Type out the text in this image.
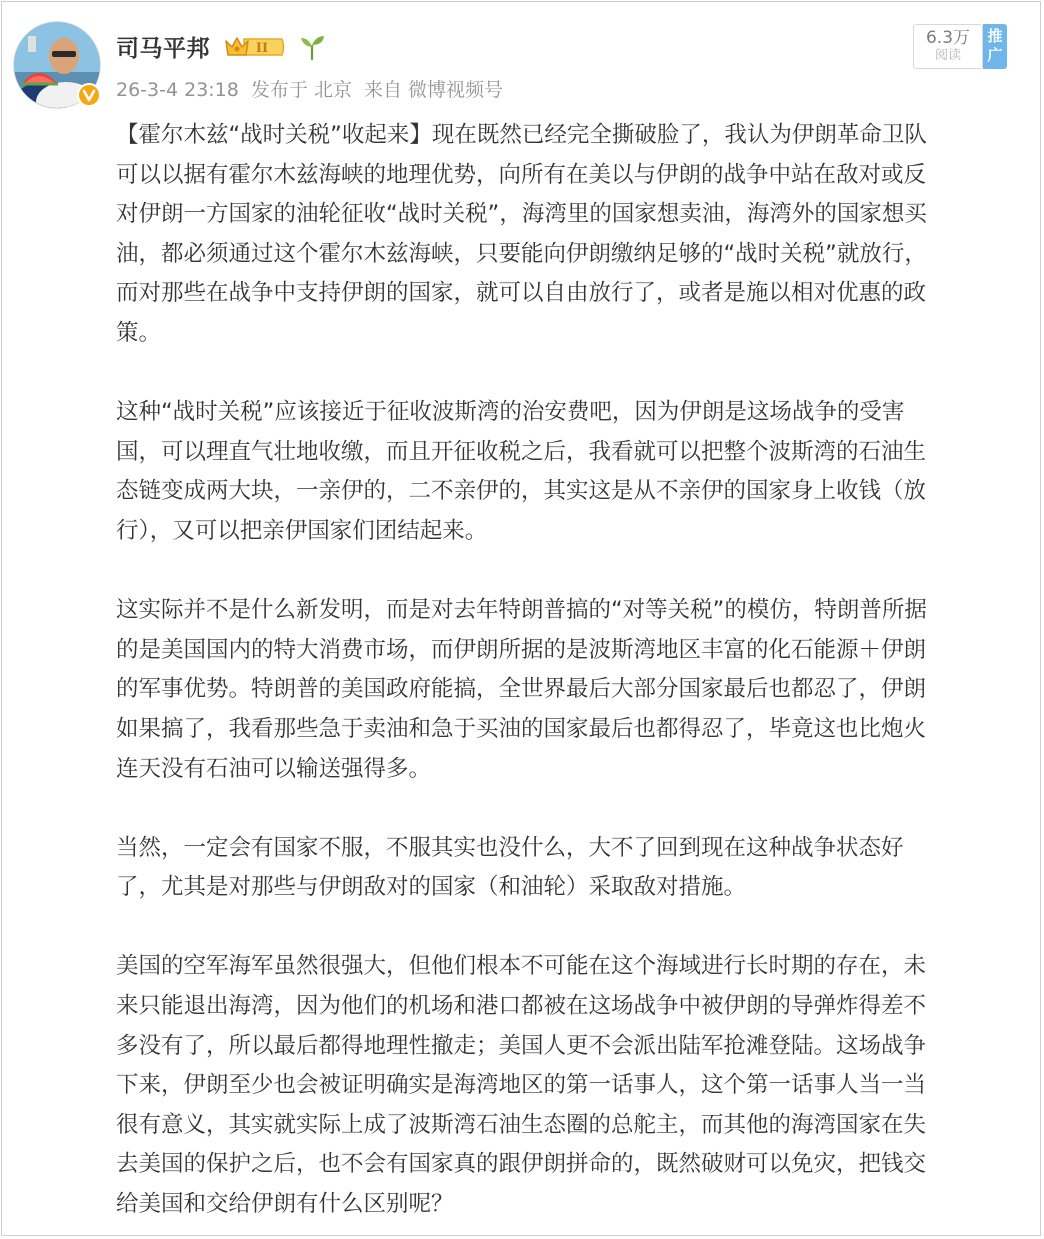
司马平邦	II
26-3-4 23:18 发布于 北京 来自 微博视频号
6.3万
阅读
推广
【霍尔木兹“战时关税”收起来】现在既然已经完全撕破脸了，我认为伊朗革命卫队
可以以据有霍尔木兹海峡的地理优势，向所有在美以与伊朗的战争中站在敌对或反
对伊朗一方国家的油轮征收“战时关税”，海湾里的国家想卖油，海湾外的国家想买
油，都必须通过这个霍尔木兹海峡，只要能向伊朗缴纳足够的“战时关税”就放行，
而对那些在战争中支持伊朗的国家，就可以自由放行了，或者是施以相对优惠的政
策。
这种“战时关税”应该接近于征收波斯湾的治安费吧，因为伊朗是这场战争的受害
国，可以理直气壮地收缴，而且开征收税之后，我看就可以把整个波斯湾的石油生
态链变成两大块，一亲伊的，二不亲伊的，其实这是从不亲伊的国家身上收钱（放
行），又可以把亲伊国家们团结起来。
这实际并不是什么新发明，而是对去年特朗普搞的“对等关税”的模仿，特朗普所据
的是美国国内的特大消费市场，而伊朗所据的是波斯湾地区丰富的化石能源＋伊朗
的军事优势。特朗普的美国政府能搞，全世界最后大部分国家最后也都忍了，伊朗
如果搞了，我看那些急于卖油和急于买油的国家最后也都得忍了，毕竟这也比炮火
连天没有石油可以输送强得多。
当然，一定会有国家不服，不服其实也没什么，大不了回到现在这种战争状态好
了，尤其是对那些与伊朗敌对的国家（和油轮）采取敌对措施。
美国的空军海军虽然很强大，但他们根本不可能在这个海域进行长时期的存在，未
来只能退出海湾，因为他们的机场和港口都被在这场战争中被伊朗的导弹炸得差不
多没有了，所以最后都得地理性撤走；美国人更不会派出陆军抢滩登陆。这场战争
下来，伊朗至少也会被证明确实是海湾地区的第一话事人，这个第一话事人当一当
很有意义，其实就实际上成了波斯湾石油生态圈的总舵主，而其他的海湾国家在失
去美国的保护之后，也不会有国家真的跟伊朗拼命的，既然破财可以免灾，把钱交
给美国和交给伊朗有什么区别呢？
